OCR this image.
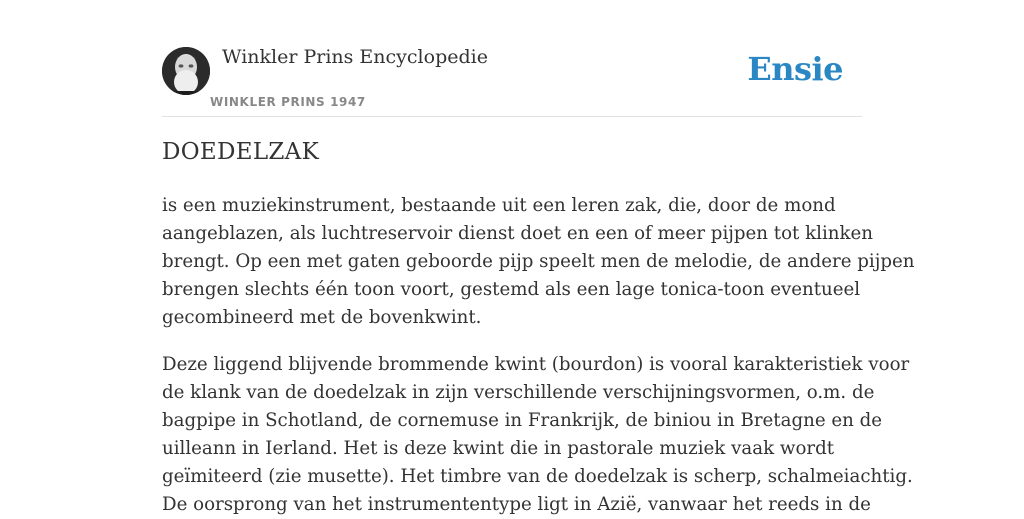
Winkler Prins Encyclopedie
WINKLER PRINS 1947
Ensie
DOEDELZAK

is een muziekinstrument, bestaande uit een leren zak, die, door de mond
aangeblazen, als luchtreservoir dienst doet en een of meer pijpen tot klinken
brengt. Op een met gaten geboorde pijp speelt men de melodie, de andere pijpen
brengen slechts één toon voort, gestemd als een lage tonica-toon eventueel
gecombineerd met de bovenkwint.

Deze liggend blijvende brommende kwint (bourdon) is vooral karakteristiek voor
de klank van de doedelzak in zijn verschillende verschijningsvormen, o.m. de
bagpipe in Schotland, de cornemuse in Frankrijk, de biniou in Bretagne en de
uilleann in Ierland. Het is deze kwint die in pastorale muziek vaak wordt
geïmiteerd (zie musette). Het timbre van de doedelzak is scherp, schalmeiachtig.
De oorsprong van het instrumententype ligt in Azië, vanwaar het reeds in de
